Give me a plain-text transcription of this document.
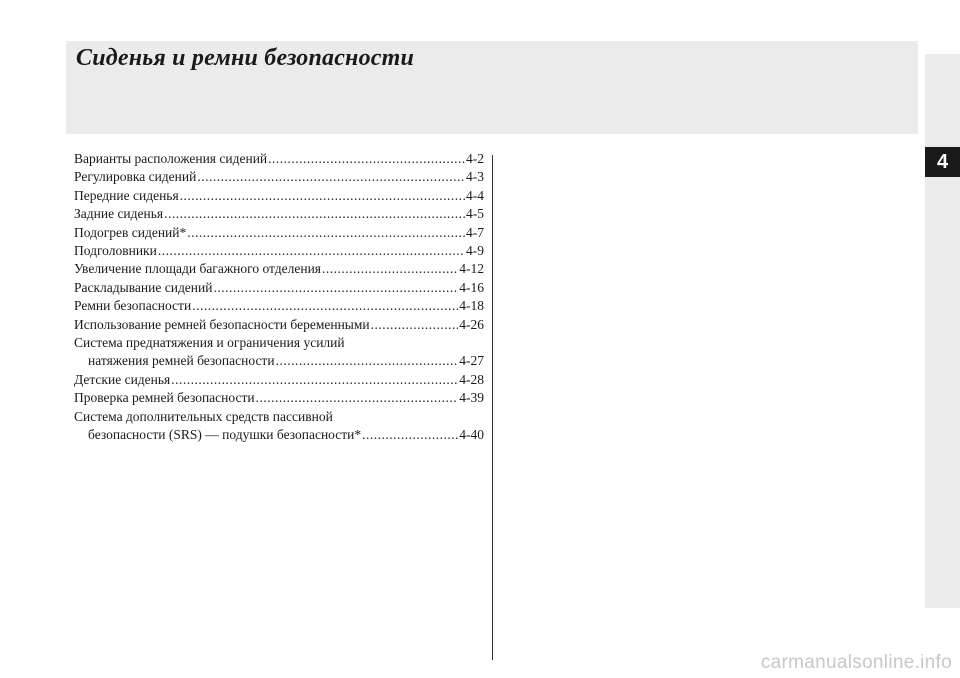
Сиденья и ремни безопасности
4
Варианты расположения сидений .....	4-2
Регулировка сидений .....	4-3
Передние сиденья .....	4-4
Задние сиденья .....	4-5
Подогрев сидений* .....	4-7
Подголовники .....	4-9
Увеличение площади багажного отделения .....	4-12
Раскладывание сидений .....	4-16
Ремни безопасности .....	4-18
Использование ремней безопасности беременными .....	4-26
Система преднатяжения и ограничения усилий
натяжения ремней безопасности .....	4-27
Детские сиденья .....	4-28
Проверка ремней безопасности .....	4-39
Система дополнительных средств пассивной
безопасности (SRS) — подушки безопасности* .....	4-40
carmanualsonline.info
